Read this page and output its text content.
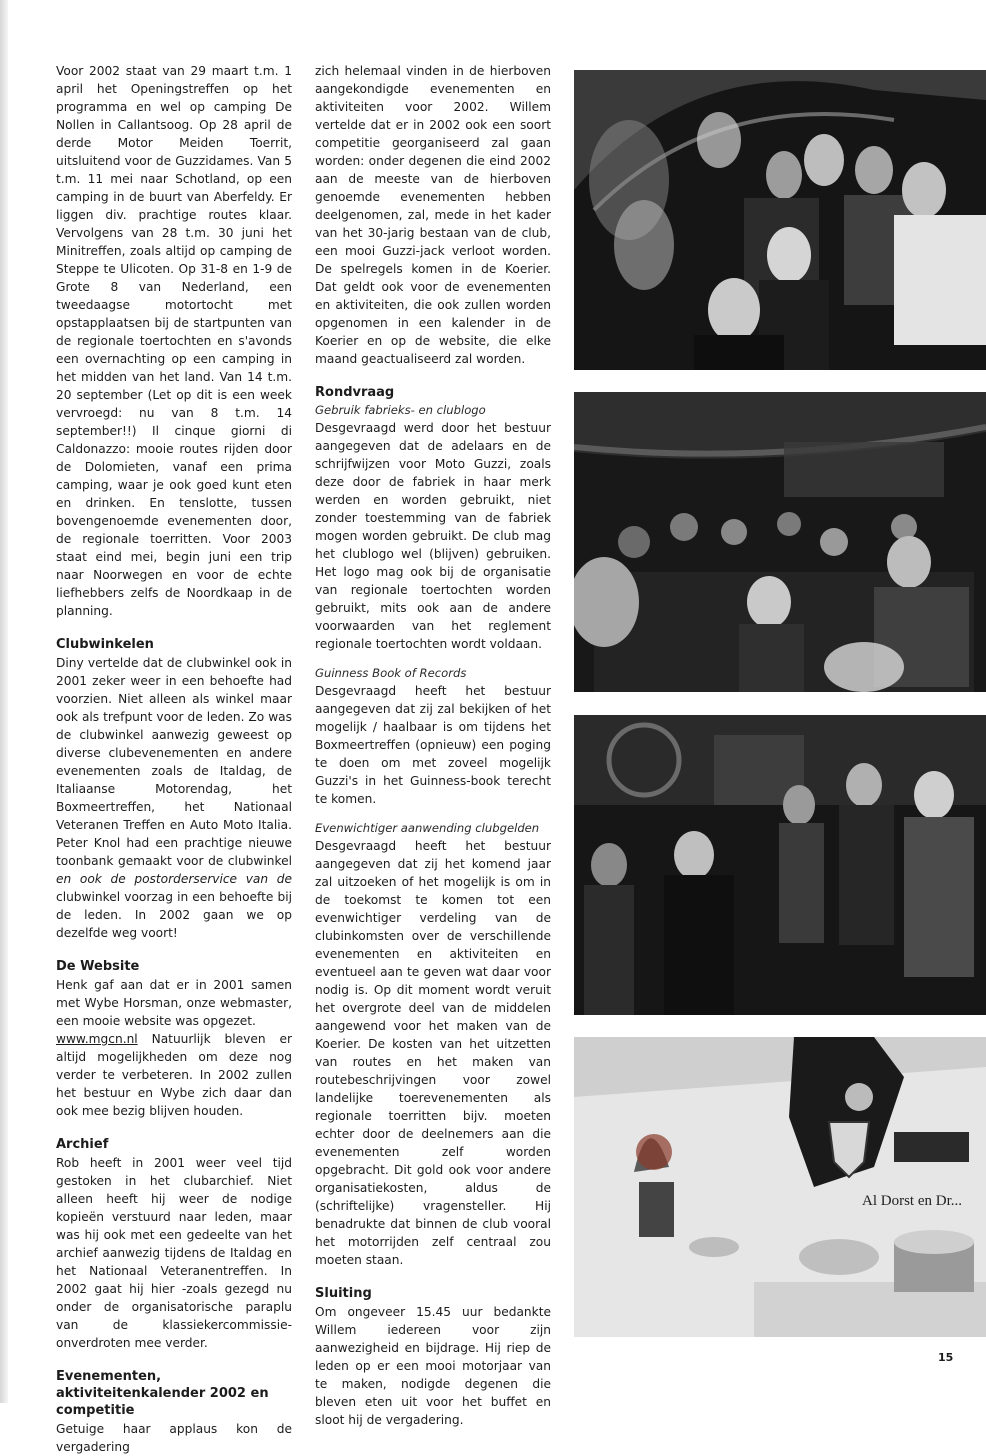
Voor 2002 staat van 29 maart t.m. 1 april het Openingstreffen op het programma en wel op camping De Nollen in Callantsoog. Op 28 april de derde Motor Meiden Toerrit, uitsluitend voor de Guzzidames. Van 5 t.m. 11 mei naar Schotland, op een camping in de buurt van Aberfeldy. Er liggen div. prachtige routes klaar. Vervolgens van 28 t.m. 30 juni het Minitreffen, zoals altijd op camping de Steppe te Ulicoten. Op 31-8 en 1-9 de Grote 8 van Nederland, een tweedaagse motortocht met opstapplaatsen bij de startpunten van de regionale toertochten en s'avonds een overnachting op een camping in het midden van het land. Van 14 t.m. 20 september (Let op dit is een week vervroegd: nu van 8 t.m. 14 september!!) Il cinque giorni di Caldonazzo: mooie routes rijden door de Dolomieten, vanaf een prima camping, waar je ook goed kunt eten en drinken. En tenslotte, tussen bovengenoemde evenementen door, de regionale toerritten. Voor 2003 staat eind mei, begin juni een trip naar Noorwegen en voor de echte liefhebbers zelfs de Noordkaap in de planning.

Clubwinkelen

Diny vertelde dat de clubwinkel ook in 2001 zeker weer in een behoefte had voorzien. Niet alleen als winkel maar ook als trefpunt voor de leden. Zo was de clubwinkel aanwezig geweest op diverse clubevenementen en andere evenementen zoals de Italdag, de Italiaanse Motorendag, het Boxmeertreffen, het Nationaal Veteranen Treffen en Auto Moto Italia. Peter Knol had een prachtige nieuwe toonbank gemaakt voor de clubwinkel en ook de postorderservice van de clubwinkel voorzag in een behoefte bij de leden. In 2002 gaan we op dezelfde weg voort!

De Website

Henk gaf aan dat er in 2001 samen met Wybe Horsman, onze webmaster, een mooie website was opgezet.

www.mgcn.nl Natuurlijk bleven er altijd mogelijkheden om deze nog verder te verbeteren. In 2002 zullen het bestuur en Wybe zich daar dan ook mee bezig blijven houden.

Archief

Rob heeft in 2001 weer veel tijd gestoken in het clubarchief. Niet alleen heeft hij weer de nodige kopieën verstuurd naar leden, maar was hij ook met een gedeelte van het archief aanwezig tijdens de Italdag en het Nationaal Veteranentreffen. In 2002 gaat hij hier -zoals gezegd nu onder de organisatorische paraplu van de klassiekercommissie- onverdroten mee verder.

Evenementen, aktiviteitenkalender 2002 en competitie

Getuige haar applaus kon de vergadering

zich helemaal vinden in de hierboven aangekondigde evenementen en aktiviteiten voor 2002. Willem vertelde dat er in 2002 ook een soort competitie georganiseerd zal gaan worden: onder degenen die eind 2002 aan de meeste van de hierboven genoemde evenementen hebben deelgenomen, zal, mede in het kader van het 30-jarig bestaan van de club, een mooi Guzzi-jack verloot worden. De spelregels komen in de Koerier. Dat geldt ook voor de evenementen en aktiviteiten, die ook zullen worden opgenomen in een kalender in de Koerier en op de website, die elke maand geactualiseerd zal worden.

Rondvraag
Gebruik fabrieks- en clublogo

Desgevraagd werd door het bestuur aangegeven dat de adelaars en de schrijfwijzen voor Moto Guzzi, zoals deze door de fabriek in haar merk werden en worden gebruikt, niet zonder toestemming van de fabriek mogen worden gebruikt. De club mag het clublogo wel (blijven) gebruiken. Het logo mag ook bij de organisatie van regionale toertochten worden gebruikt, mits ook aan de andere voorwaarden van het reglement regionale toertochten wordt voldaan.

Guinness Book of Records

Desgevraagd heeft het bestuur aangegeven dat zij zal bekijken of het mogelijk / haalbaar is om tijdens het Boxmeertreffen (opnieuw) een poging te doen om met zoveel mogelijk Guzzi's in het Guinness-book terecht te komen.

Evenwichtiger aanwending clubgelden

Desgevraagd heeft het bestuur aangegeven dat zij het komend jaar zal uitzoeken of het mogelijk is om in de toekomst te komen tot een evenwichtiger verdeling van de clubinkomsten over de verschillende evenementen en aktiviteiten en eventueel aan te geven wat daar voor nodig is. Op dit moment wordt veruit het overgrote deel van de middelen aangewend voor het maken van de Koerier. De kosten van het uitzetten van routes en het maken van routebeschrijvingen voor zowel landelijke toerevenementen als regionale toerritten bijv. moeten echter door de deelnemers aan die evenementen zelf worden opgebracht. Dit gold ook voor andere organisatiekosten, aldus de (schriftelijke) vragensteller. Hij benadrukte dat binnen de club vooral het motorrijden zelf centraal zou moeten staan.

Sluiting

Om ongeveer 15.45 uur bedankte Willem iedereen voor zijn aanwezigheid en bijdrage. Hij riep de leden op er een mooi motorjaar van te maken, nodigde degenen die bleven eten uit voor het buffet en sloot hij de vergadering.

Al Dorst en Dr...
15
